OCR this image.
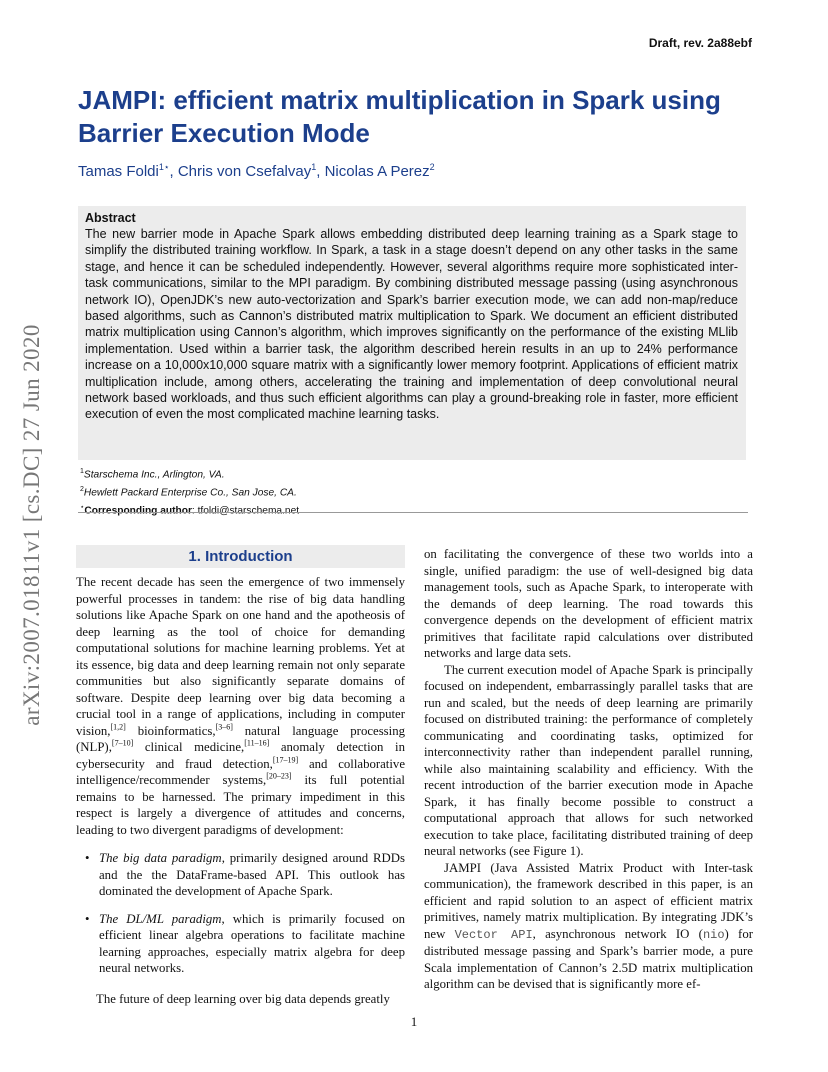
Draft, rev. 2a88ebf
JAMPI: efficient matrix multiplication in Spark using Barrier Execution Mode
Tamas Foldi$^{1⋆}$, Chris von Csefalvay$^1$, Nicolas A Perez$^2$
arXiv:2007.01811v1 [cs.DC] 27 Jun 2020

Abstract

The new barrier mode in Apache Spark allows embedding distributed deep learning training as a Spark stage to simplify the distributed training workflow. In Spark, a task in a stage doesn’t depend on any other tasks in the same stage, and hence it can be scheduled independently. However, several algorithms require more sophisticated inter-task communications, similar to the MPI paradigm. By combining distributed message passing (using asynchronous network IO), OpenJDK’s new auto-vectorization and Spark’s barrier execution mode, we can add non-map/reduce based algorithms, such as Cannon’s distributed matrix multiplication to Spark. We document an efficient distributed matrix multiplication using Cannon’s algorithm, which improves significantly on the performance of the existing MLlib implementation. Used within a barrier task, the algorithm described herein results in an up to 24% performance increase on a 10,000x10,000 square matrix with a significantly lower memory footprint. Applications of efficient matrix multiplication include, among others, accelerating the training and implementation of deep convolutional neural network based workloads, and thus such efficient algorithms can play a ground-breaking role in faster, more efficient execution of even the most complicated machine learning tasks.

$^1$Starschema Inc., Arlington, VA.
$^2$Hewlett Packard Enterprise Co., San Jose, CA.
⋆Corresponding author: tfoldi@starschema.net
1. Introduction

The recent decade has seen the emergence of two immensely powerful processes in tandem: the rise of big data handling solutions like Apache Spark on one hand and the apotheosis of deep learning as the tool of choice for demanding computational solutions for machine learning problems. Yet at its essence, big data and deep learning remain not only separate communities but also significantly separate domains of software. Despite deep learning over big data becoming a crucial tool in a range of applications, including in computer vision,[1,2] bioinformatics,[3–6] natural language processing (NLP),[7–10] clinical medicine,[11–16] anomaly detection in cybersecurity and fraud detection,[17–19] and collaborative intelligence/recommender systems,[20–23] its full potential remains to be harnessed. The primary impediment in this respect is largely a divergence of attitudes and concerns, leading to two divergent paradigms of development:

• The big data paradigm, primarily designed around RDDs and the the DataFrame-based API. This outlook has dominated the development of Apache Spark.
• The DL/ML paradigm, which is primarily focused on efficient linear algebra operations to facilitate machine learning approaches, especially matrix algebra for deep neural networks.

The future of deep learning over big data depends greatly

on facilitating the convergence of these two worlds into a single, unified paradigm: the use of well-designed big data management tools, such as Apache Spark, to interoperate with the demands of deep learning. The road towards this convergence depends on the development of efficient matrix primitives that facilitate rapid calculations over distributed networks and large data sets.

The current execution model of Apache Spark is principally focused on independent, embarrassingly parallel tasks that are run and scaled, but the needs of deep learning are primarily focused on distributed training: the performance of completely communicating and coordinating tasks, optimized for interconnectivity rather than independent parallel running, while also maintaining scalability and efficiency. With the recent introduction of the barrier execution mode in Apache Spark, it has finally become possible to construct a computational approach that allows for such networked execution to take place, facilitating distributed training of deep neural networks (see Figure 1).

JAMPI (Java Assisted Matrix Product with Inter-task communication), the framework described in this paper, is an efficient and rapid solution to an aspect of efficient matrix primitives, namely matrix multiplication. By integrating JDK’s new Vector API, asynchronous network IO (nio) for distributed message passing and Spark’s barrier mode, a pure Scala implementation of Cannon’s 2.5D matrix multiplication algorithm can be devised that is significantly more ef-

1
